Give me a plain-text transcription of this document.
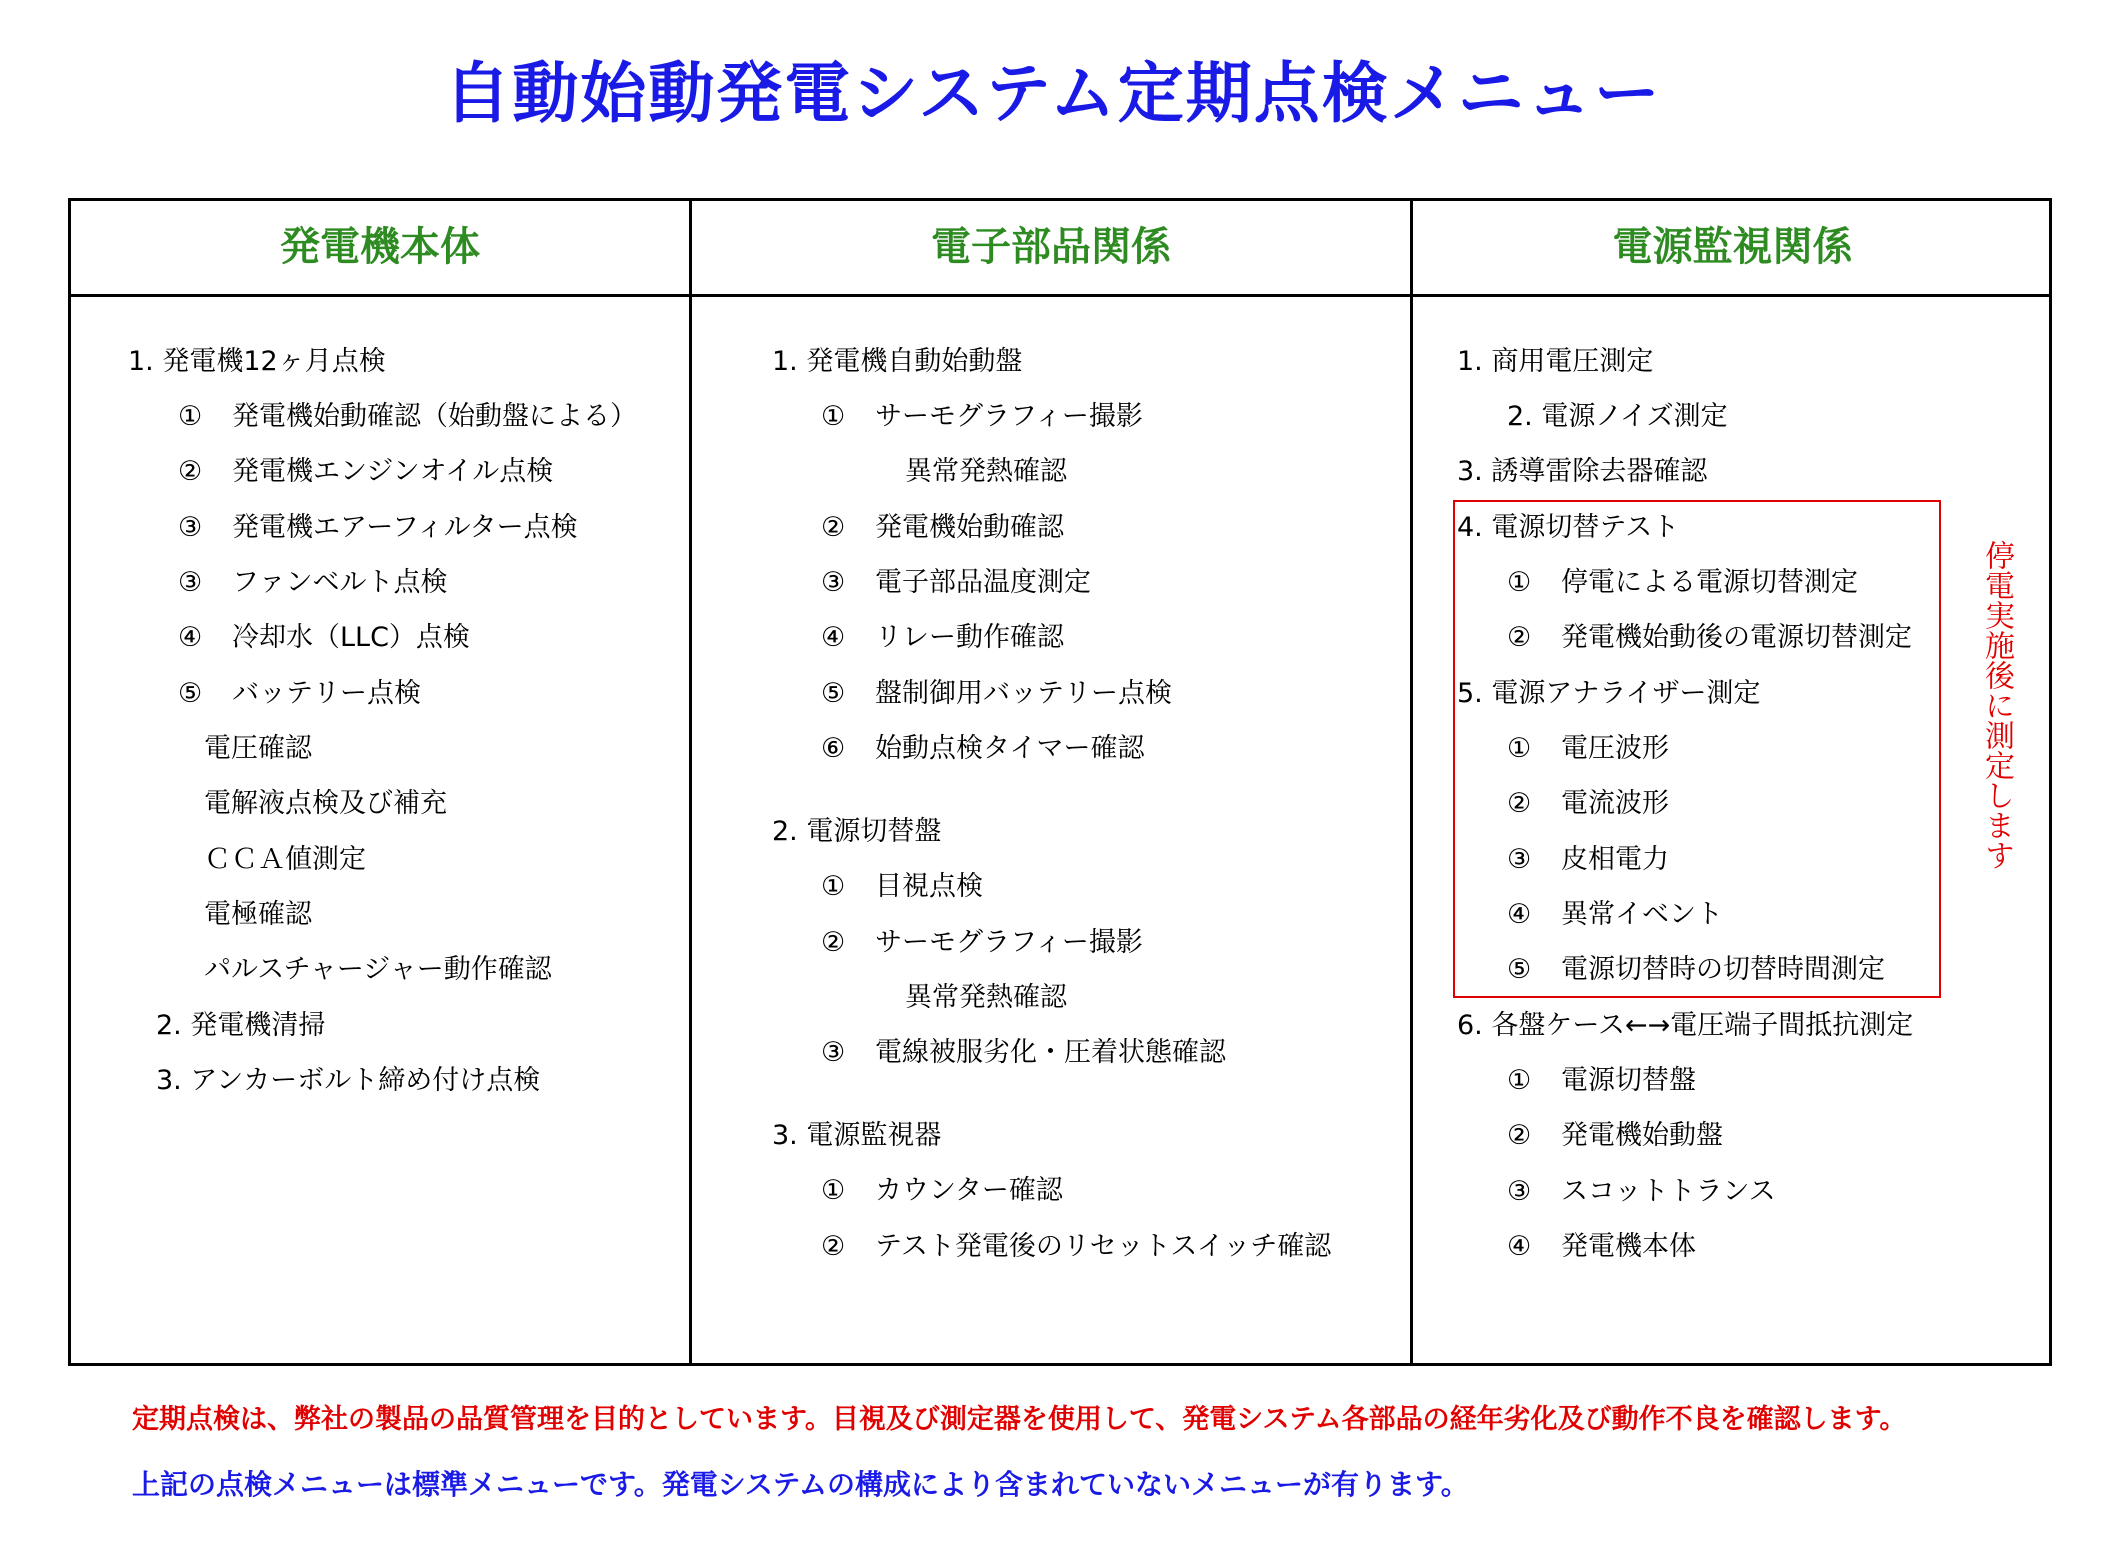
自動始動発電システム定期点検メニュー
発電機本体	電子部品関係	電源監視関係
1. 発電機12ヶ月点検
① 発電機始動確認（始動盤による）
② 発電機エンジンオイル点検
③ 発電機エアーフィルター点検
③ ファンベルト点検
④ 冷却水（LLC）点検
⑤ バッテリー点検
電圧確認
電解液点検及び補充
ＣＣＡ値測定
電極確認
パルスチャージャー動作確認
2. 発電機清掃
3. アンカーボルト締め付け点検
1. 発電機自動始動盤
① サーモグラフィー撮影
異常発熱確認
② 発電機始動確認
③ 電子部品温度測定
④ リレー動作確認
⑤ 盤制御用バッテリー点検
⑥ 始動点検タイマー確認
2. 電源切替盤
① 目視点検
② サーモグラフィー撮影
異常発熱確認
③ 電線被服劣化・圧着状態確認
3. 電源監視器
① カウンター確認
② テスト発電後のリセットスイッチ確認
1. 商用電圧測定
2. 電源ノイズ測定
3. 誘導雷除去器確認
4. 電源切替テスト
① 停電による電源切替測定
② 発電機始動後の電源切替測定
5. 電源アナライザー測定
① 電圧波形
② 電流波形
③ 皮相電力
④ 異常イベント
⑤ 電源切替時の切替時間測定
6. 各盤ケース←→電圧端子間抵抗測定
① 電源切替盤
② 発電機始動盤
③ スコットトランス
④ 発電機本体
停電実施後に測定します
定期点検は、弊社の製品の品質管理を目的としています。目視及び測定器を使用して、発電システム各部品の経年劣化及び動作不良を確認します。
上記の点検メニューは標準メニューです。発電システムの構成により含まれていないメニューが有ります。
